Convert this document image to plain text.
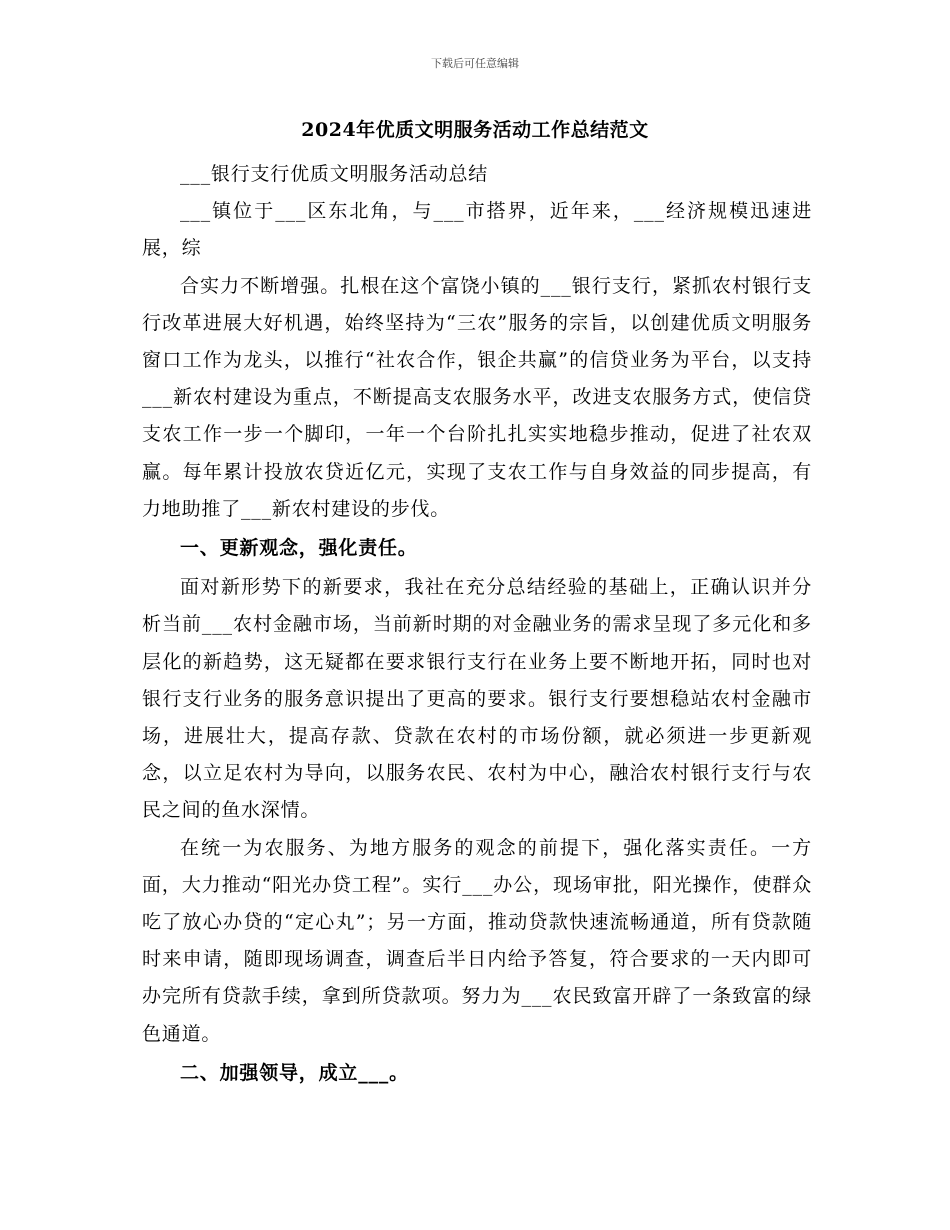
下载后可任意编辑
2024年优质文明服务活动工作总结范文

___银行支行优质文明服务活动总结

___镇位于___区东北角，与___市搭界，近年来，___经济规模迅速进展，综

合实力不断增强。扎根在这个富饶小镇的___银行支行，紧抓农村银行支行改革进展大好机遇，始终坚持为“三农”服务的宗旨，以创建优质文明服务窗口工作为龙头，以推行“社农合作，银企共赢”的信贷业务为平台，以支持___新农村建设为重点，不断提高支农服务水平，改进支农服务方式，使信贷支农工作一步一个脚印，一年一个台阶扎扎实实地稳步推动，促进了社农双赢。每年累计投放农贷近亿元，实现了支农工作与自身效益的同步提高，有力地助推了___新农村建设的步伐。

一、更新观念，强化责任。

面对新形势下的新要求，我社在充分总结经验的基础上，正确认识并分析当前___农村金融市场，当前新时期的对金融业务的需求呈现了多元化和多层化的新趋势，这无疑都在要求银行支行在业务上要不断地开拓，同时也对银行支行业务的服务意识提出了更高的要求。银行支行要想稳站农村金融市场，进展壮大，提高存款、贷款在农村的市场份额，就必须进一步更新观念，以立足农村为导向，以服务农民、农村为中心，融洽农村银行支行与农民之间的鱼水深情。

在统一为农服务、为地方服务的观念的前提下，强化落实责任。一方面，大力推动“阳光办贷工程”。实行___办公，现场审批，阳光操作，使群众吃了放心办贷的“定心丸”；另一方面，推动贷款快速流畅通道，所有贷款随时来申请，随即现场调查，调查后半日内给予答复，符合要求的一天内即可办完所有贷款手续，拿到所贷款项。努力为___农民致富开辟了一条致富的绿色通道。

二、加强领导，成立___。
